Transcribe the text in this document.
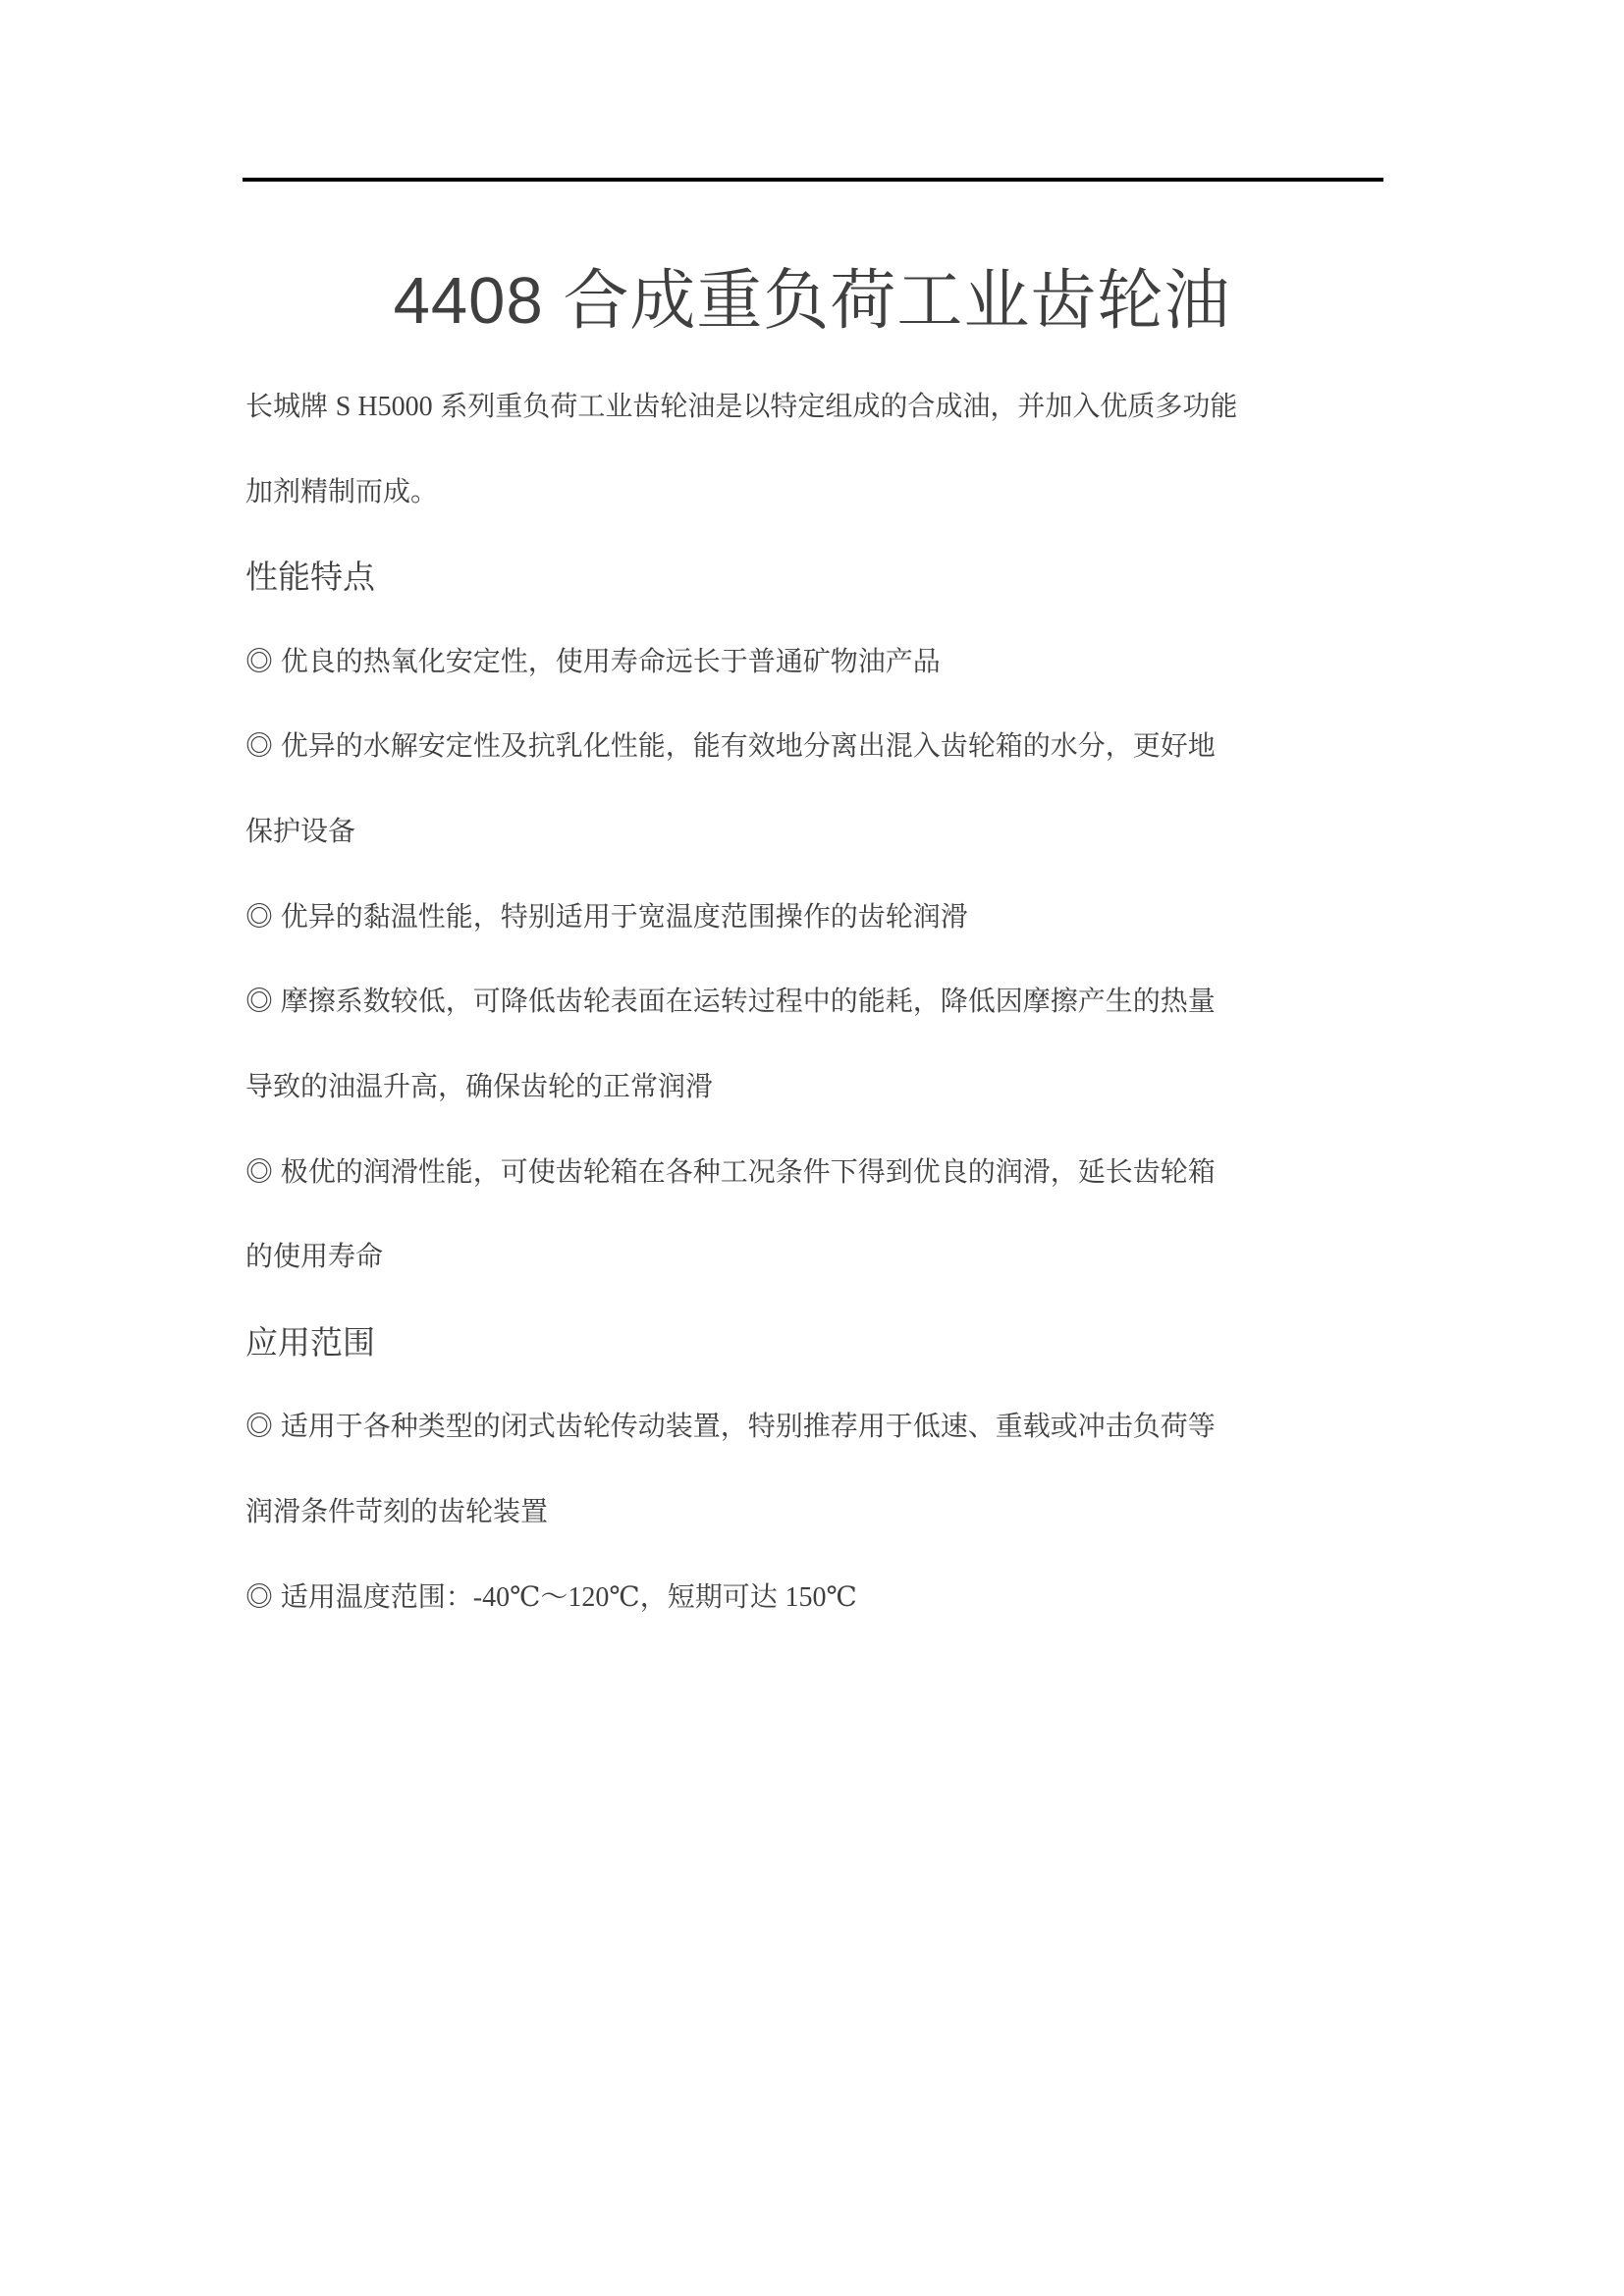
4408 合成重负荷工业齿轮油
长城牌 S H5000 系列重负荷工业齿轮油是以特定组成的合成油，并加入优质多功能
加剂精制而成。
性能特点
◎ 优良的热氧化安定性，使用寿命远长于普通矿物油产品
◎ 优异的水解安定性及抗乳化性能，能有效地分离出混入齿轮箱的水分，更好地
保护设备
◎ 优异的黏温性能，特别适用于宽温度范围操作的齿轮润滑
◎ 摩擦系数较低，可降低齿轮表面在运转过程中的能耗，降低因摩擦产生的热量
导致的油温升高，确保齿轮的正常润滑
◎ 极优的润滑性能，可使齿轮箱在各种工况条件下得到优良的润滑，延长齿轮箱
的使用寿命
应用范围
◎ 适用于各种类型的闭式齿轮传动装置，特别推荐用于低速、重载或冲击负荷等
润滑条件苛刻的齿轮装置
◎ 适用温度范围：-40℃～120℃，短期可达 150℃
